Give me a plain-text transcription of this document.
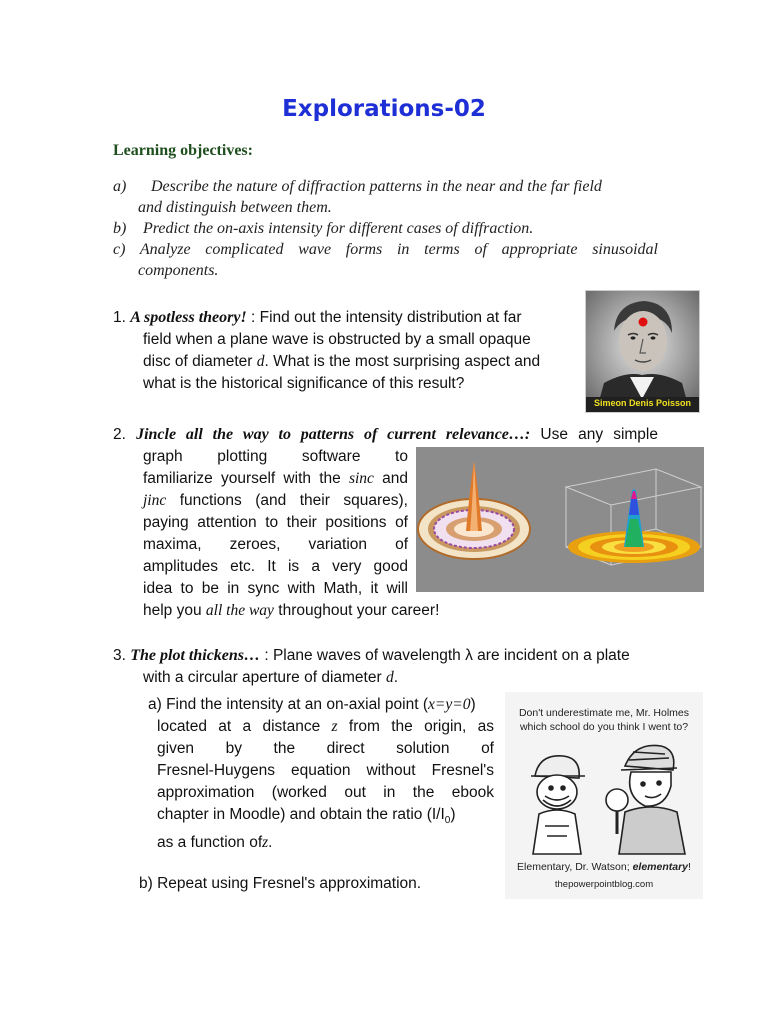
Explorations-02
Learning objectives:
a) Describe the nature of diffraction patterns in the near and the far field
and distinguish between them.
b) Predict the on-axis intensity for different cases of diffraction.
c) Analyze complicated wave forms in terms of appropriate sinusoidal
components.
1. A spotless theory! : Find out the intensity distribution at far
field when a plane wave is obstructed by a small opaque
disc of diameter d. What is the most surprising aspect and
what is the historical significance of this result?
Simeon Denis Poisson
2. Jincle all the way to patterns of current relevance…: Use any simple
graph plotting software to
familiarize yourself with the sinc and
jinc functions (and their squares),
paying attention to their positions of
maxima, zeroes, variation of
amplitudes etc. It is a very good
idea to be in sync with Math, it will
help you all the way throughout your career!
3. The plot thickens… : Plane waves of wavelength λ are incident on a plate
with a circular aperture of diameter d.
a) Find the intensity at an on-axial point (x=y=0)
located at a distance z from the origin, as
given by the direct solution of
Fresnel-Huygens equation without Fresnel's
approximation (worked out in the ebook
chapter in Moodle) and obtain the ratio $(I/I_0)$
as a function ofz.
b) Repeat using Fresnel's approximation.
Don't underestimate me, Mr. Holmes
which school do you think I went to?
Elementary, Dr. Watson; elementary!
thepowerpointblog.com
